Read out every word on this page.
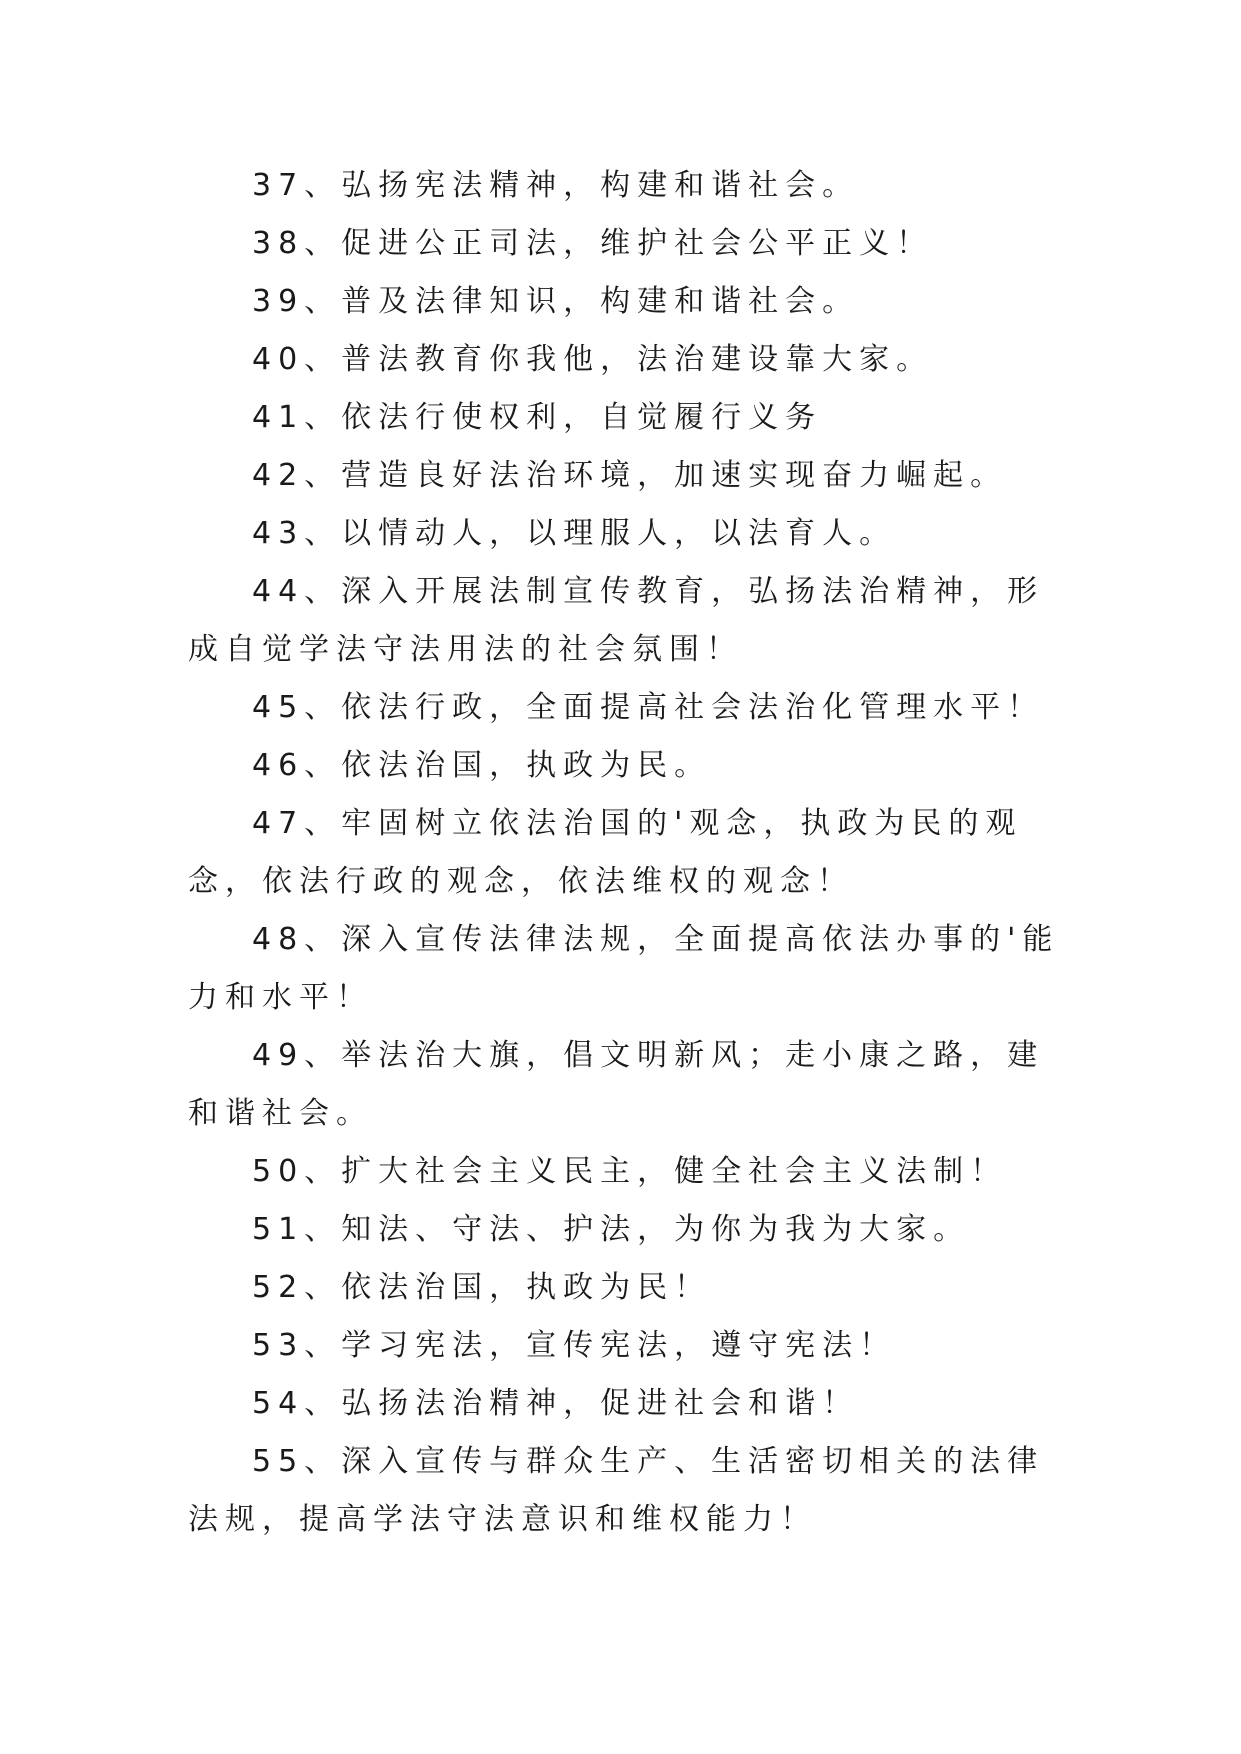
37、弘扬宪法精神，构建和谐社会。

38、促进公正司法，维护社会公平正义！

39、普及法律知识，构建和谐社会。

40、普法教育你我他，法治建设靠大家。

41、依法行使权利，自觉履行义务

42、营造良好法治环境，加速实现奋力崛起。

43、以情动人，以理服人，以法育人。

44、深入开展法制宣传教育，弘扬法治精神，形成自觉学法守法用法的社会氛围！

45、依法行政，全面提高社会法治化管理水平！

46、依法治国，执政为民。

47、牢固树立依法治国的'观念，执政为民的观念，依法行政的观念，依法维权的观念！

48、深入宣传法律法规，全面提高依法办事的'能力和水平！

49、举法治大旗，倡文明新风；走小康之路，建和谐社会。

50、扩大社会主义民主，健全社会主义法制！

51、知法、守法、护法，为你为我为大家。

52、依法治国，执政为民！

53、学习宪法，宣传宪法，遵守宪法！

54、弘扬法治精神，促进社会和谐！

55、深入宣传与群众生产、生活密切相关的法律法规，提高学法守法意识和维权能力！
